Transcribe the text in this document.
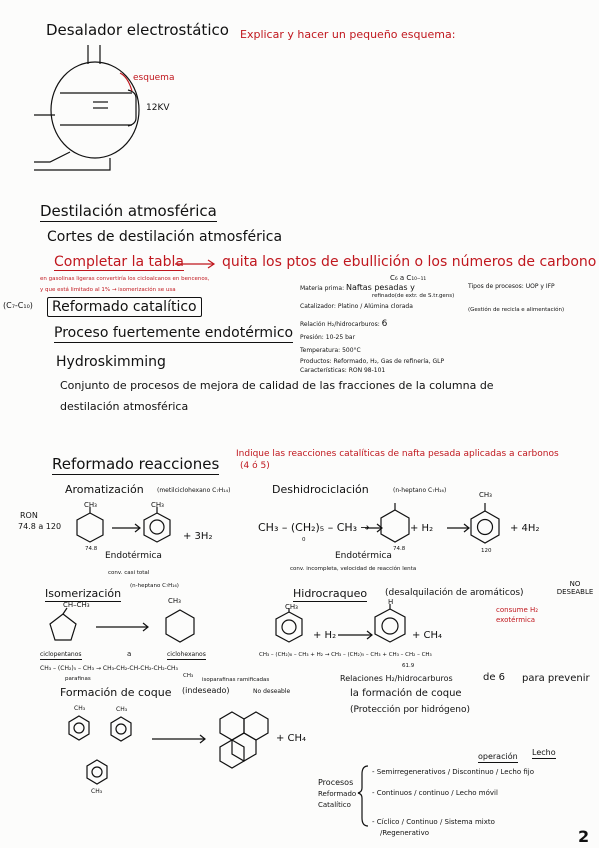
Desalador electrostático Explicar y hacer un pequeño esquema:
esquema
12KV
Destilación atmosférica
Cortes de destilación atmosférica
Completar la tabla	quita los ptos de ebullición o los números de carbono
en gasolinas ligeras convertiría los cicloalcanos en bencenos,
y que está limitado al 1% → isomerización se usa
(C₇-C₁₀)	Reformado catalítico
Proceso fuertemente endotérmico
Hydroskimming
Conjunto de procesos de mejora de calidad de las fracciones de la columna de
destilación atmosférica
C₆ a C₁₀₋₁₁
Materia prima: Naftas pesadas y
refinado(de extr. de S.tr.gens)
Catalizador: Platino / Alúmina clorada
Relación H₂/hidrocarburos: 6
Presión: 10-25 bar
Temperatura: 500°C
Productos: Reformado, H₂, Gas de refinería, GLP
Características: RON 98-101
Tipos de procesos: UOP y IFP
(Gestión de recicla e alimentación)
Reformado reacciones
Indique las reacciones catalíticas de nafta pesada aplicadas a carbonos
(4 ó 5)
Aromatización (metilciclohexano C₇H₁₄)
RON
74.8 a 120
CH₃	CH₃
+ 3H₂
74.8
Endotérmica
conv. casi total
Deshidrociclación	(n-heptano C₇H₁₆)
CH₃ – (CH₂)₅ – CH₃ →
0
+ H₂
CH₃
+ 4H₂
74.8
Endotérmica	120
conv. incompleta, velocidad de reacción lenta
Isomerización
(n-heptano C₇H₁₆)
CH–CH₃	CH₃
ciclopentanos	a	ciclohexanos
CH₃ – (CH₂)₅ – CH₃ → CH₃-CH₂-CH-CH₂-CH₂-CH₃
CH₃
parafinas	isoparafinas ramificadas
Hidrocraqueo (desalquilación de aromáticos)
NO DESEABLE
consume H₂
exotérmica
CH₃
+ H₂
H
+ CH₄
CH₃ – (CH₂)₈ – CH₃ + H₂ → CH₃ – (CH₂)₅ – CH₃ + CH₃ – CH₂ – CH₃
61.9
Relaciones H₂/hidrocarburos	de 6 para prevenir
la formación de coque
(Protección por hidrógeno)
Formación de coque (indeseado)	No deseable
CH₃	CH₃
CH₃
+ CH₄
operación Lecho
Procesos
Reformado
Catalítico
- Semirregenerativos / Discontinuo / Lecho fijo
- Continuos / continuo / Lecho móvil
- Cíclico / Continuo / Sistema mixto
/Regenerativo	2
